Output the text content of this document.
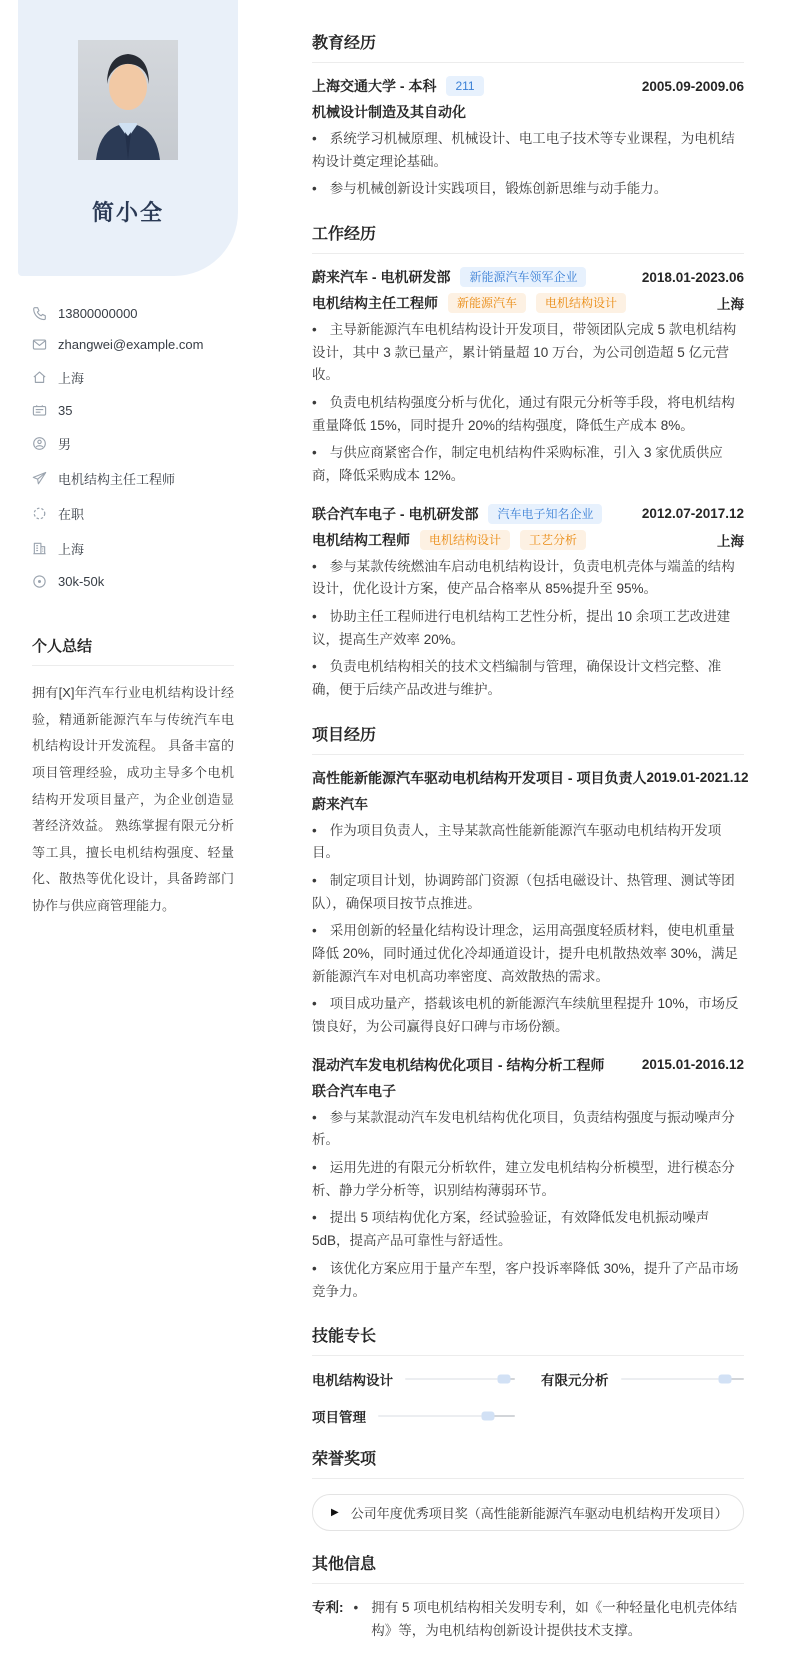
简小全
13800000000
zhangwei@example.com
上海
35
男
电机结构主任工程师
在职
上海
30k-50k
个人总结

拥有[X]年汽车行业电机结构设计经验，精通新能源汽车与传统汽车电机结构设计开发流程。 具备丰富的项目管理经验，成功主导多个电机结构开发项目量产，为企业创造显著经济效益。 熟练掌握有限元分析等工具，擅长电机结构强度、轻量化、散热等优化设计，具备跨部门协作与供应商管理能力。

教育经历
上海交通大学 - 本科	211	2005.09-2009.06
机械设计制造及其自动化

• 系统学习机械原理、机械设计、电工电子技术等专业课程，为电机结构设计奠定理论基础。

• 参与机械创新设计实践项目，锻炼创新思维与动手能力。

工作经历
蔚来汽车 - 电机研发部	新能源汽车领军企业	2018.01-2023.06
电机结构主任工程师	新能源汽车	电机结构设计	上海

• 主导新能源汽车电机结构设计开发项目，带领团队完成 5 款电机结构设计，其中 3 款已量产，累计销量超 10 万台，为公司创造超 5 亿元营收。

• 负责电机结构强度分析与优化，通过有限元分析等手段，将电机结构重量降低 15%，同时提升 20%的结构强度，降低生产成本 8%。

• 与供应商紧密合作，制定电机结构件采购标准，引入 3 家优质供应商，降低采购成本 12%。

联合汽车电子 - 电机研发部	汽车电子知名企业	2012.07-2017.12
电机结构工程师	电机结构设计	工艺分析	上海

• 参与某款传统燃油车启动电机结构设计，负责电机壳体与端盖的结构设计，优化设计方案，使产品合格率从 85%提升至 95%。

• 协助主任工程师进行电机结构工艺性分析，提出 10 余项工艺改进建议，提高生产效率 20%。

• 负责电机结构相关的技术文档编制与管理，确保设计文档完整、准确，便于后续产品改进与维护。

项目经历
高性能新能源汽车驱动电机结构开发项目 - 项目负责人 2019.01-2021.12
蔚来汽车

• 作为项目负责人，主导某款高性能新能源汽车驱动电机结构开发项目。

• 制定项目计划，协调跨部门资源（包括电磁设计、热管理、测试等团队），确保项目按节点推进。

• 采用创新的轻量化结构设计理念，运用高强度轻质材料，使电机重量降低 20%，同时通过优化冷却通道设计，提升电机散热效率 30%，满足新能源汽车对电机高功率密度、高效散热的需求。

• 项目成功量产，搭载该电机的新能源汽车续航里程提升 10%，市场反馈良好，为公司赢得良好口碑与市场份额。

混动汽车发电机结构优化项目 - 结构分析工程师	2015.01-2016.12
联合汽车电子

• 参与某款混动汽车发电机结构优化项目，负责结构强度与振动噪声分析。

• 运用先进的有限元分析软件，建立发电机结构分析模型，进行模态分析、静力学分析等，识别结构薄弱环节。

• 提出 5 项结构优化方案，经试验验证，有效降低发电机振动噪声 5dB，提高产品可靠性与舒适性。

• 该优化方案应用于量产车型，客户投诉率降低 30%，提升了产品市场竞争力。

技能专长
电机结构设计	有限元分析
项目管理
荣誉奖项
▶ 公司年度优秀项目奖（高性能新能源汽车驱动电机结构开发项目）
其他信息
专利: • 拥有 5 项电机结构相关发明专利，如《一种轻量化电机壳体结构》等，为电机结构创新设计提供技术支撑。
